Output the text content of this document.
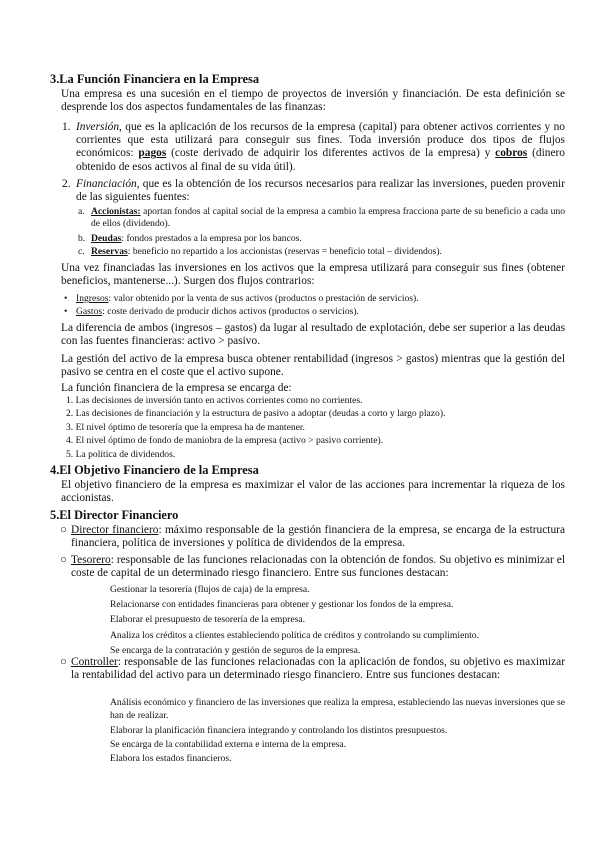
3.La Función Financiera en la Empresa
Una empresa es una sucesión en el tiempo de proyectos de inversión y financiación. De esta definición se desprende los dos aspectos fundamentales de las finanzas:
1. Inversión, que es la aplicación de los recursos de la empresa (capital) para obtener activos corrientes y no corrientes que esta utilizará para conseguir sus fines. Toda inversión produce dos tipos de flujos económicos: pagos (coste derivado de adquirir los diferentes activos de la empresa) y cobros (dinero obtenido de esos activos al final de su vida útil).
2. Financiación, que es la obtención de los recursos necesarios para realizar las inversiones, pueden provenir de las siguientes fuentes:
a. Accionistas: aportan fondos al capital social de la empresa a cambio la empresa fracciona parte de su beneficio a cada uno de ellos (dividendo).
b. Deudas: fondos prestados a la empresa por los bancos.
c. Reservas: beneficio no repartido a los accionistas (reservas = beneficio total – dividendos).
Una vez financiadas las inversiones en los activos que la empresa utilizará para conseguir sus fines (obtener beneficios, mantenerse...). Surgen dos flujos contrarios:
• Ingresos: valor obtenido por la venta de sus activos (productos o prestación de servicios).
• Gastos: coste derivado de producir dichos activos (productos o servicios).
La diferencia de ambos (ingresos – gastos) da lugar al resultado de explotación, debe ser superior a las deudas con las fuentes financieras: activo > pasivo.
La gestión del activo de la empresa busca obtener rentabilidad (ingresos > gastos) mientras que la gestión del pasivo se centra en el coste que el activo supone.
La función financiera de la empresa se encarga de:
1. Las decisiones de inversión tanto en activos corrientes como no corrientes.
2. Las decisiones de financiación y la estructura de pasivo a adoptar (deudas a corto y largo plazo).
3. El nivel óptimo de tesorería que la empresa ha de mantener.
4. El nivel óptimo de fondo de maniobra de la empresa (activo > pasivo corriente).
5. La política de dividendos.
4.El Objetivo Financiero de la Empresa
El objetivo financiero de la empresa es maximizar el valor de las acciones para incrementar la riqueza de los accionistas.
5.El Director Financiero
○ Director financiero: máximo responsable de la gestión financiera de la empresa, se encarga de la estructura financiera, política de inversiones y política de dividendos de la empresa.
○ Tesorero: responsable de las funciones relacionadas con la obtención de fondos. Su objetivo es minimizar el coste de capital de un determinado riesgo financiero. Entre sus funciones destacan:
Gestionar la tesorería (flujos de caja) de la empresa.
Relacionarse con entidades financieras para obtener y gestionar los fondos de la empresa.
Elaborar el presupuesto de tesorería de la empresa.
Analiza los créditos a clientes estableciendo política de créditos y controlando su cumplimiento.
Se encarga de la contratación y gestión de seguros de la empresa.
○ Controller: responsable de las funciones relacionadas con la aplicación de fondos, su objetivo es maximizar la rentabilidad del activo para un determinado riesgo financiero. Entre sus funciones destacan:
Análisis económico y financiero de las inversiones que realiza la empresa, estableciendo las nuevas inversiones que se han de realizar.
Elaborar la planificación financiera integrando y controlando los distintos presupuestos.
Se encarga de la contabilidad externa e interna de la empresa.
Elabora los estados financieros.
